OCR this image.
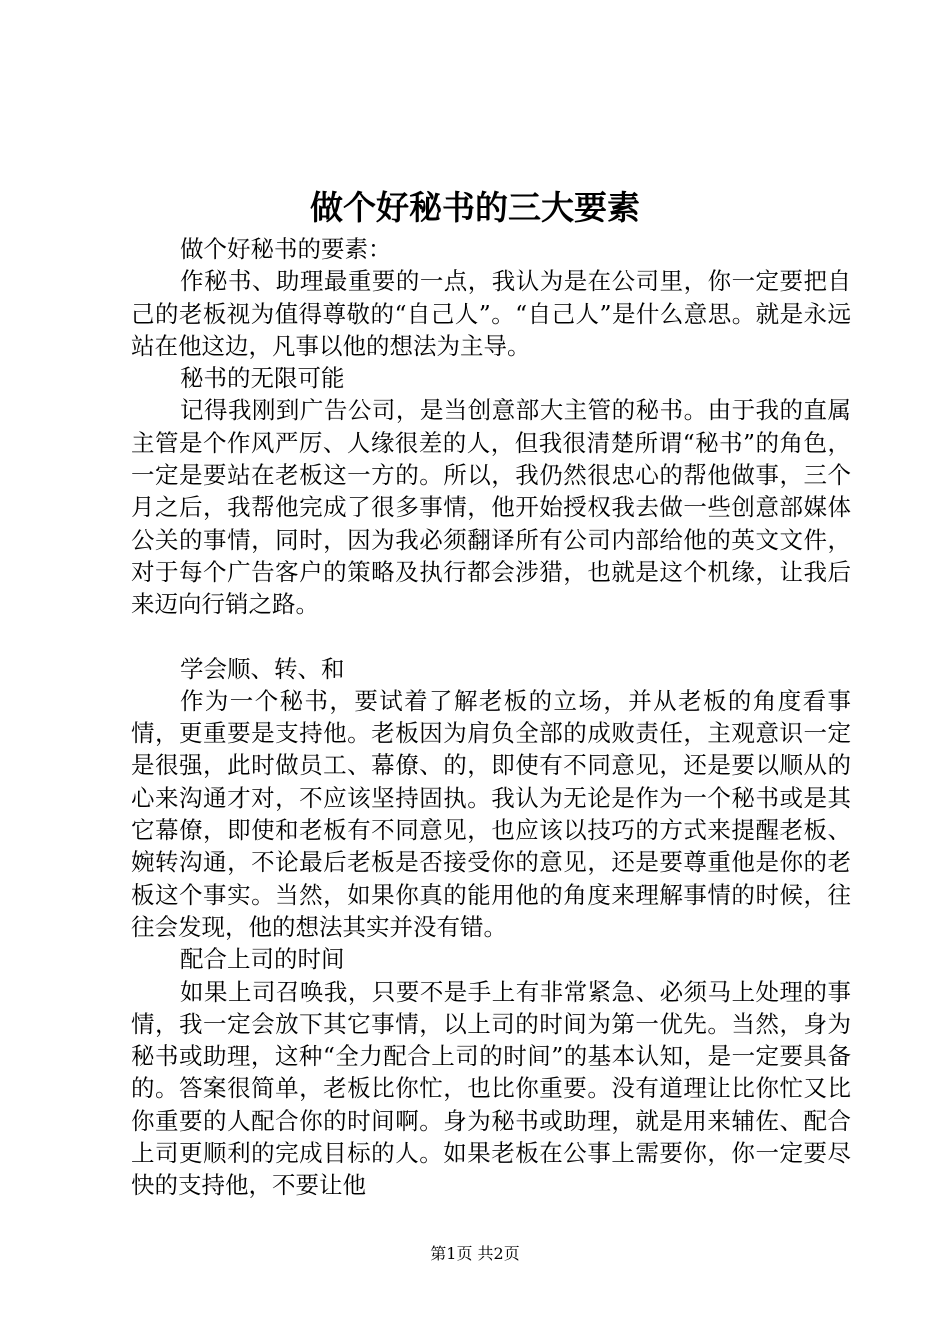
做个好秘书的三大要素

做个好秘书的要素：

作秘书、助理最重要的一点，我认为是在公司里，你一定要把自己的老板视为值得尊敬的“自己人”。“自己人”是什么意思。就是永远站在他这边，凡事以他的想法为主导。

秘书的无限可能

记得我刚到广告公司，是当创意部大主管的秘书。由于我的直属主管是个作风严厉、人缘很差的人，但我很清楚所谓“秘书”的角色，一定是要站在老板这一方的。所以，我仍然很忠心的帮他做事，三个月之后，我帮他完成了很多事情，他开始授权我去做一些创意部媒体公关的事情，同时，因为我必须翻译所有公司内部给他的英文文件，对于每个广告客户的策略及执行都会涉猎，也就是这个机缘，让我后来迈向行销之路。

学会顺、转、和

作为一个秘书，要试着了解老板的立场，并从老板的角度看事情，更重要是支持他。老板因为肩负全部的成败责任，主观意识一定是很强，此时做员工、幕僚、的，即使有不同意见，还是要以顺从的心来沟通才对，不应该坚持固执。我认为无论是作为一个秘书或是其它幕僚，即使和老板有不同意见，也应该以技巧的方式来提醒老板、婉转沟通，不论最后老板是否接受你的意见，还是要尊重他是你的老板这个事实。当然，如果你真的能用他的角度来理解事情的时候，往往会发现，他的想法其实并没有错。

配合上司的时间

如果上司召唤我，只要不是手上有非常紧急、必须马上处理的事情，我一定会放下其它事情，以上司的时间为第一优先。当然，身为秘书或助理，这种“全力配合上司的时间”的基本认知，是一定要具备的。答案很简单，老板比你忙，也比你重要。没有道理让比你忙又比你重要的人配合你的时间啊。身为秘书或助理，就是用来辅佐、配合上司更顺利的完成目标的人。如果老板在公事上需要你，你一定要尽快的支持他，不要让他

第1页 共2页
